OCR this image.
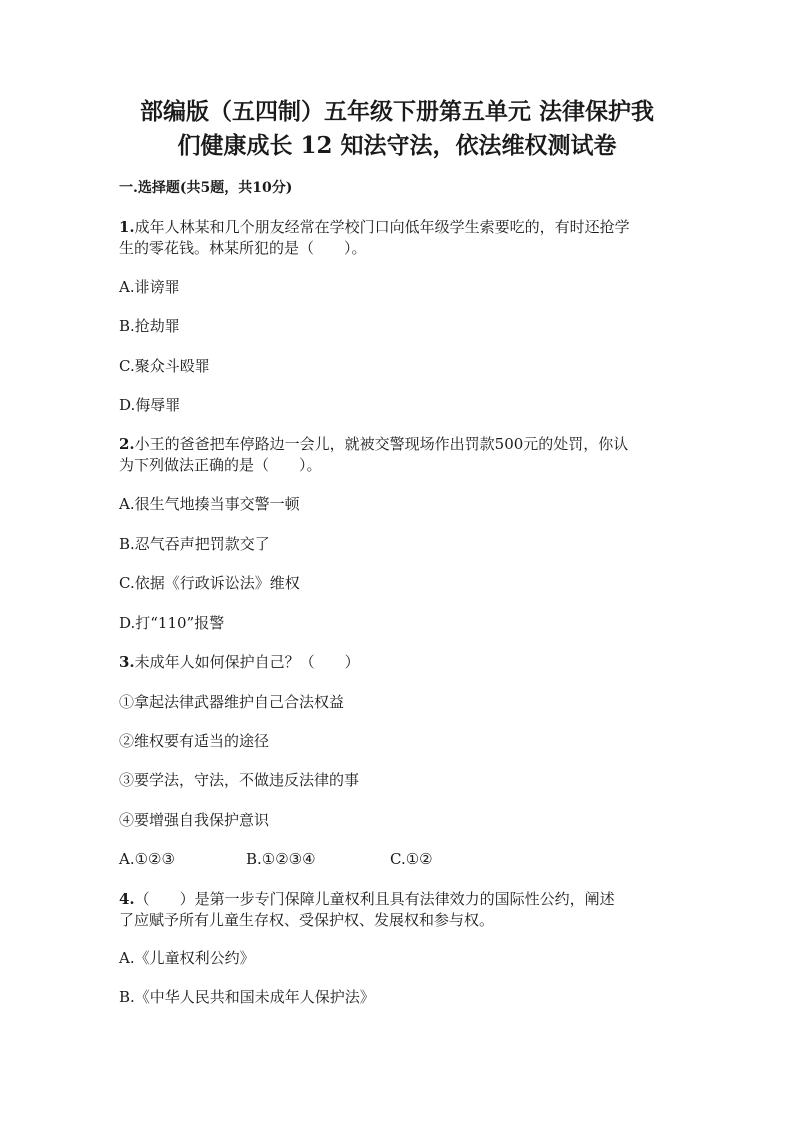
部编版（五四制）五年级下册第五单元 法律保护我
们健康成长 12 知法守法，依法维权测试卷
一.选择题(共5题，共10分)
1.成年人林某和几个朋友经常在学校门口向低年级学生索要吃的，有时还抢学
生的零花钱。林某所犯的是（　　）。
A.诽谤罪
B.抢劫罪
C.聚众斗殴罪
D.侮辱罪
2.小王的爸爸把车停路边一会儿，就被交警现场作出罚款500元的处罚，你认
为下列做法正确的是（　　）。
A.很生气地揍当事交警一顿
B.忍气吞声把罚款交了
C.依据《行政诉讼法》维权
D.打“110”报警
3.未成年人如何保护自己？（　　）
①拿起法律武器维护自己合法权益
②维权要有适当的途径
③要学法，守法，不做违反法律的事
④要增强自我保护意识
A.①②③	B.①②③④	C.①②
4.（　　）是第一步专门保障儿童权利且具有法律效力的国际性公约，阐述
了应赋予所有儿童生存权、受保护权、发展权和参与权。
A.《儿童权利公约》
B.《中华人民共和国未成年人保护法》
